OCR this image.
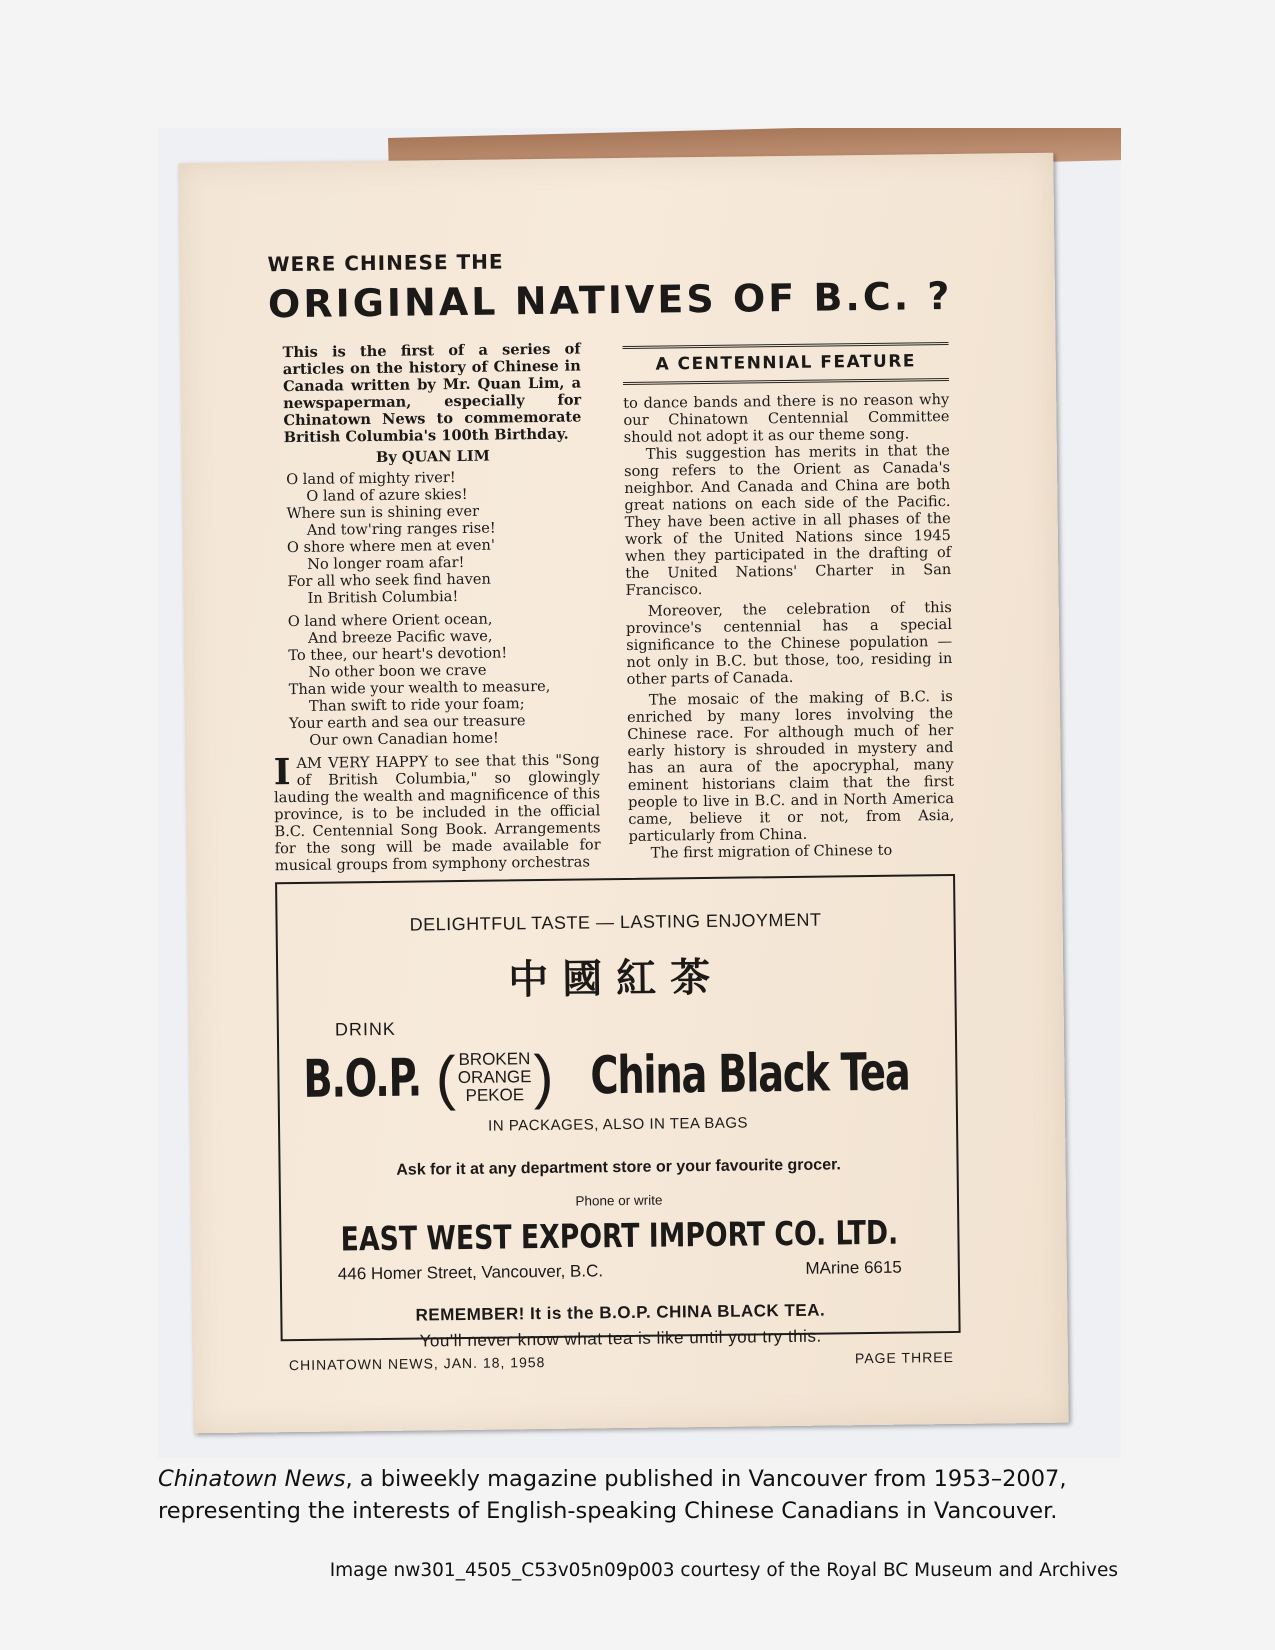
WERE CHINESE THE

ORIGINAL NATIVES OF B.C. ?

This is the first of a series of articles on the history of Chinese in Canada written by Mr. Quan Lim, a newspaperman, especially for Chinatown News to commemorate British Columbia's 100th Birthday.

By QUAN LIM

O land of mighty river!
O land of azure skies!
Where sun is shining ever
And tow'ring ranges rise!
O shore where men at even'
No longer roam afar!
For all who seek find haven
In British Columbia!
O land where Orient ocean,
And breeze Pacific wave,
To thee, our heart's devotion!
No other boon we crave
Than wide your wealth to measure,
Than swift to ride your foam;
Your earth and sea our treasure
Our own Canadian home!

I AM VERY HAPPY to see that this "Song of British Columbia," so glowingly lauding the wealth and magnificence of this province, is to be included in the official B.C. Centennial Song Book. Arrangements for the song will be made available for musical groups from symphony orchestras

A CENTENNIAL FEATURE

to dance bands and there is no reason why our Chinatown Centennial Committee should not adopt it as our theme song.

This suggestion has merits in that the song refers to the Orient as Canada's neighbor. And Canada and China are both great nations on each side of the Pacific. They have been active in all phases of the work of the United Nations since 1945 when they participated in the drafting of the United Nations' Charter in San Francisco.

Moreover, the celebration of this province's centennial has a special significance to the Chinese population — not only in B.C. but those, too, residing in other parts of Canada.

The mosaic of the making of B.C. is enriched by many lores involving the Chinese race. For although much of her early history is shrouded in mystery and has an aura of the apocryphal, many eminent historians claim that the first people to live in B.C. and in North America came, believe it or not, from Asia, particularly from China.

The first migration of Chinese to

DELIGHTFUL TASTE — LASTING ENJOYMENT
中國紅茶
DRINK
B.O.P. ( BROKEN
ORANGE
PEKOE ) China Black Tea
IN PACKAGES, ALSO IN TEA BAGS
Ask for it at any department store or your favourite grocer.
Phone or write
EAST WEST EXPORT IMPORT CO. LTD.
446 Homer Street, Vancouver, B.C.	MArine 6615
REMEMBER! It is the B.O.P. CHINA BLACK TEA.
You'll never know what tea is like until you try this.
CHINATOWN NEWS, JAN. 18, 1958	PAGE THREE
Chinatown News, a biweekly magazine published in Vancouver from 1953–2007, representing the interests of English-speaking Chinese Canadians in Vancouver.
Image nw301_4505_C53v05n09p003 courtesy of the Royal BC Museum and Archives
